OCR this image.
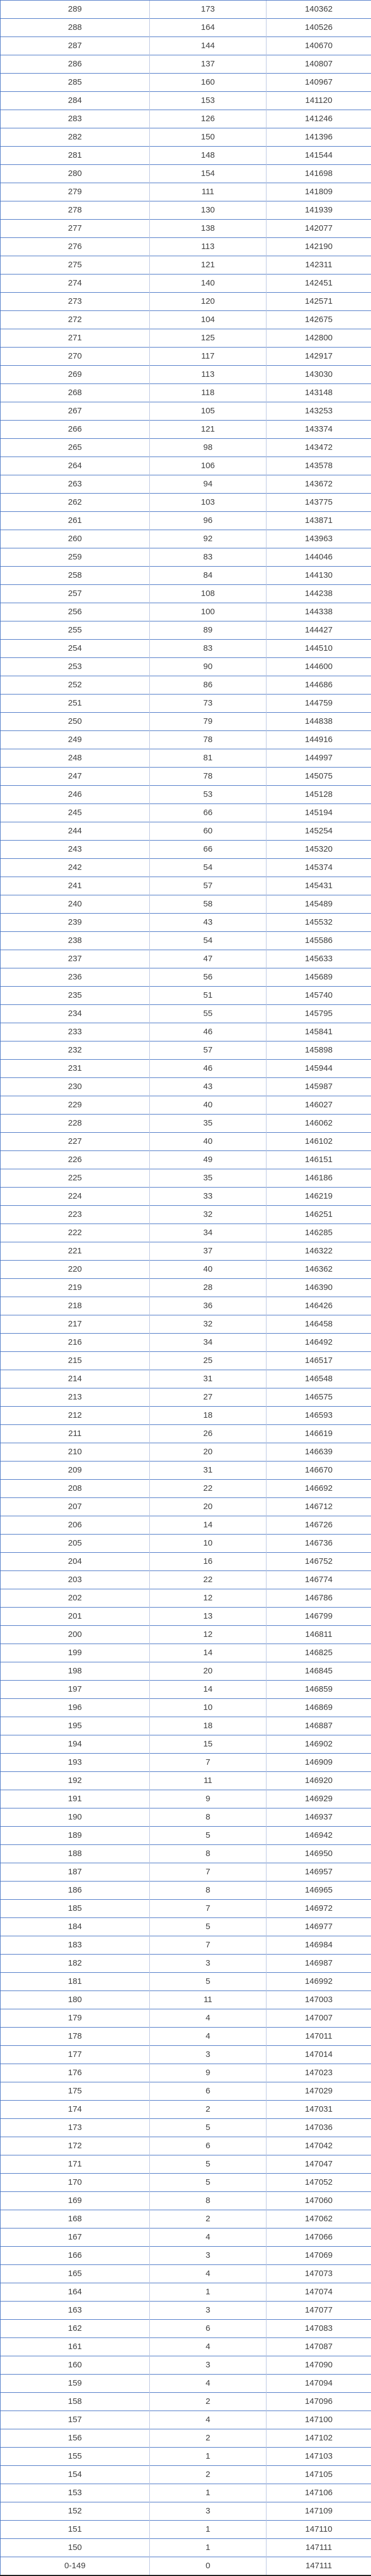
289	173	140362
288	164	140526
287	144	140670
286	137	140807
285	160	140967
284	153	141120
283	126	141246
282	150	141396
281	148	141544
280	154	141698
279	111	141809
278	130	141939
277	138	142077
276	113	142190
275	121	142311
274	140	142451
273	120	142571
272	104	142675
271	125	142800
270	117	142917
269	113	143030
268	118	143148
267	105	143253
266	121	143374
265	98	143472
264	106	143578
263	94	143672
262	103	143775
261	96	143871
260	92	143963
259	83	144046
258	84	144130
257	108	144238
256	100	144338
255	89	144427
254	83	144510
253	90	144600
252	86	144686
251	73	144759
250	79	144838
249	78	144916
248	81	144997
247	78	145075
246	53	145128
245	66	145194
244	60	145254
243	66	145320
242	54	145374
241	57	145431
240	58	145489
239	43	145532
238	54	145586
237	47	145633
236	56	145689
235	51	145740
234	55	145795
233	46	145841
232	57	145898
231	46	145944
230	43	145987
229	40	146027
228	35	146062
227	40	146102
226	49	146151
225	35	146186
224	33	146219
223	32	146251
222	34	146285
221	37	146322
220	40	146362
219	28	146390
218	36	146426
217	32	146458
216	34	146492
215	25	146517
214	31	146548
213	27	146575
212	18	146593
211	26	146619
210	20	146639
209	31	146670
208	22	146692
207	20	146712
206	14	146726
205	10	146736
204	16	146752
203	22	146774
202	12	146786
201	13	146799
200	12	146811
199	14	146825
198	20	146845
197	14	146859
196	10	146869
195	18	146887
194	15	146902
193	7	146909
192	11	146920
191	9	146929
190	8	146937
189	5	146942
188	8	146950
187	7	146957
186	8	146965
185	7	146972
184	5	146977
183	7	146984
182	3	146987
181	5	146992
180	11	147003
179	4	147007
178	4	147011
177	3	147014
176	9	147023
175	6	147029
174	2	147031
173	5	147036
172	6	147042
171	5	147047
170	5	147052
169	8	147060
168	2	147062
167	4	147066
166	3	147069
165	4	147073
164	1	147074
163	3	147077
162	6	147083
161	4	147087
160	3	147090
159	4	147094
158	2	147096
157	4	147100
156	2	147102
155	1	147103
154	2	147105
153	1	147106
152	3	147109
151	1	147110
150	1	147111
0-149	0	147111
